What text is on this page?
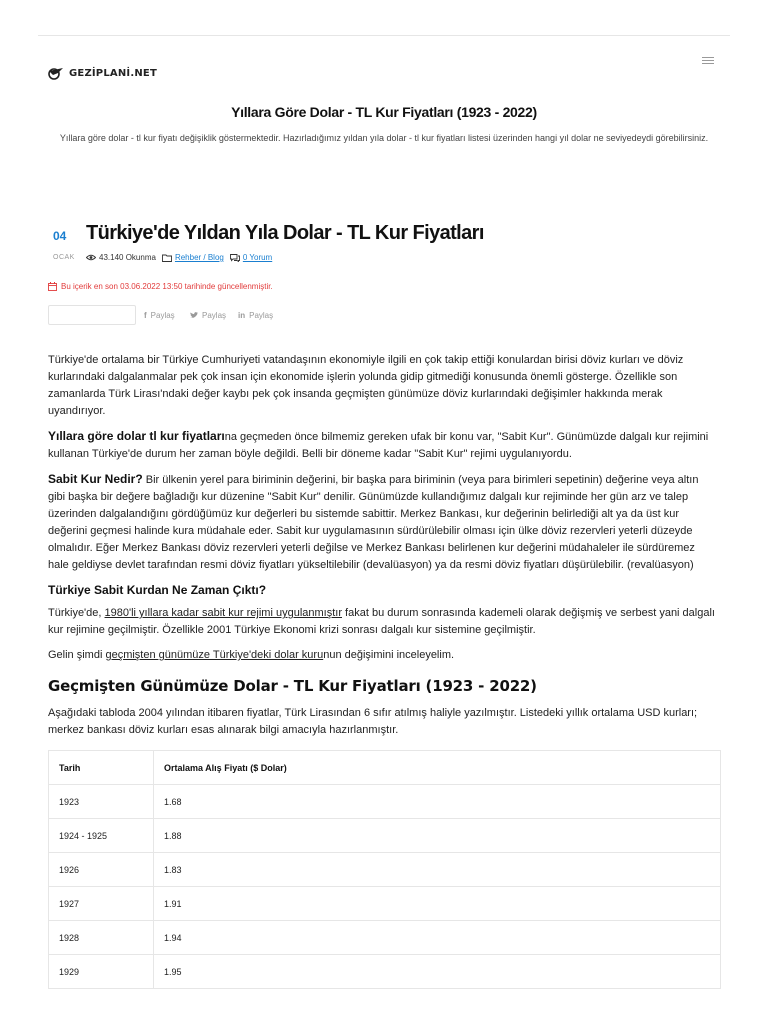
GEZİPLANİ.NET
Yıllara Göre Dolar - TL Kur Fiyatları (1923 - 2022)
Yıllara göre dolar - tl kur fiyatı değişiklik göstermektedir. Hazırladığımız yıldan yıla dolar - tl kur fiyatları listesi üzerinden hangi yıl dolar ne seviyedeydi görebilirsiniz.
04
OCAK
Türkiye'de Yıldan Yıla Dolar - TL Kur Fiyatları
43.140 Okunma Rehber / Blog 0 Yorum
Bu içerik en son 03.06.2022 13:50 tarihinde güncellenmiştir.
f Paylaş	Paylaş in Paylaş

Türkiye'de ortalama bir Türkiye Cumhuriyeti vatandaşının ekonomiyle ilgili en çok takip ettiği konulardan birisi döviz kurları ve döviz kurlarındaki dalgalanmalar pek çok insan için ekonomide işlerin yolunda gidip gitmediği konusunda önemli gösterge. Özellikle son zamanlarda Türk Lirası'ndaki değer kaybı pek çok insanda geçmişten günümüze döviz kurlarındaki değişimler hakkında merak uyandırıyor.

Yıllara göre dolar tl kur fiyatlarına geçmeden önce bilmemiz gereken ufak bir konu var, "Sabit Kur". Günümüzde dalgalı kur rejimini kullanan Türkiye'de durum her zaman böyle değildi. Belli bir döneme kadar "Sabit Kur" rejimi uygulanıyordu.

Sabit Kur Nedir? Bir ülkenin yerel para biriminin değerini, bir başka para biriminin (veya para birimleri sepetinin) değerine veya altın gibi başka bir değere bağladığı kur düzenine "Sabit Kur" denilir. Günümüzde kullandığımız dalgalı kur rejiminde her gün arz ve talep üzerinden dalgalandığını gördüğümüz kur değerleri bu sistemde sabittir. Merkez Bankası, kur değerinin belirlediği alt ya da üst kur değerini geçmesi halinde kura müdahale eder. Sabit kur uygulamasının sürdürülebilir olması için ülke döviz rezervleri yeterli düzeyde olmalıdır. Eğer Merkez Bankası döviz rezervleri yeterli değilse ve Merkez Bankası belirlenen kur değerini müdahaleler ile sürdüremez hale geldiyse devlet tarafından resmi döviz fiyatları yükseltilebilir (devalüasyon) ya da resmi döviz fiyatları düşürülebilir. (revalüasyon)

Türkiye Sabit Kurdan Ne Zaman Çıktı?

Türkiye'de, 1980'li yıllara kadar sabit kur rejimi uygulanmıştır fakat bu durum sonrasında kademeli olarak değişmiş ve serbest yani dalgalı kur rejimine geçilmiştir. Özellikle 2001 Türkiye Ekonomi krizi sonrası dalgalı kur sistemine geçilmiştir.

Gelin şimdi geçmişten günümüze Türkiye'deki dolar kurunun değişimini inceleyelim.

Geçmişten Günümüze Dolar - TL Kur Fiyatları (1923 - 2022)

Aşağıdaki tabloda 2004 yılından itibaren fiyatlar, Türk Lirasından 6 sıfır atılmış haliyle yazılmıştır. Listedeki yıllık ortalama USD kurları; merkez bankası döviz kurları esas alınarak bilgi amacıyla hazırlanmıştır.

Tarih	Ortalama Alış Fiyatı ($ Dolar)
1923	1.68
1924 - 1925	1.88
1926	1.83
1927	1.91
1928	1.94
1929	1.95
